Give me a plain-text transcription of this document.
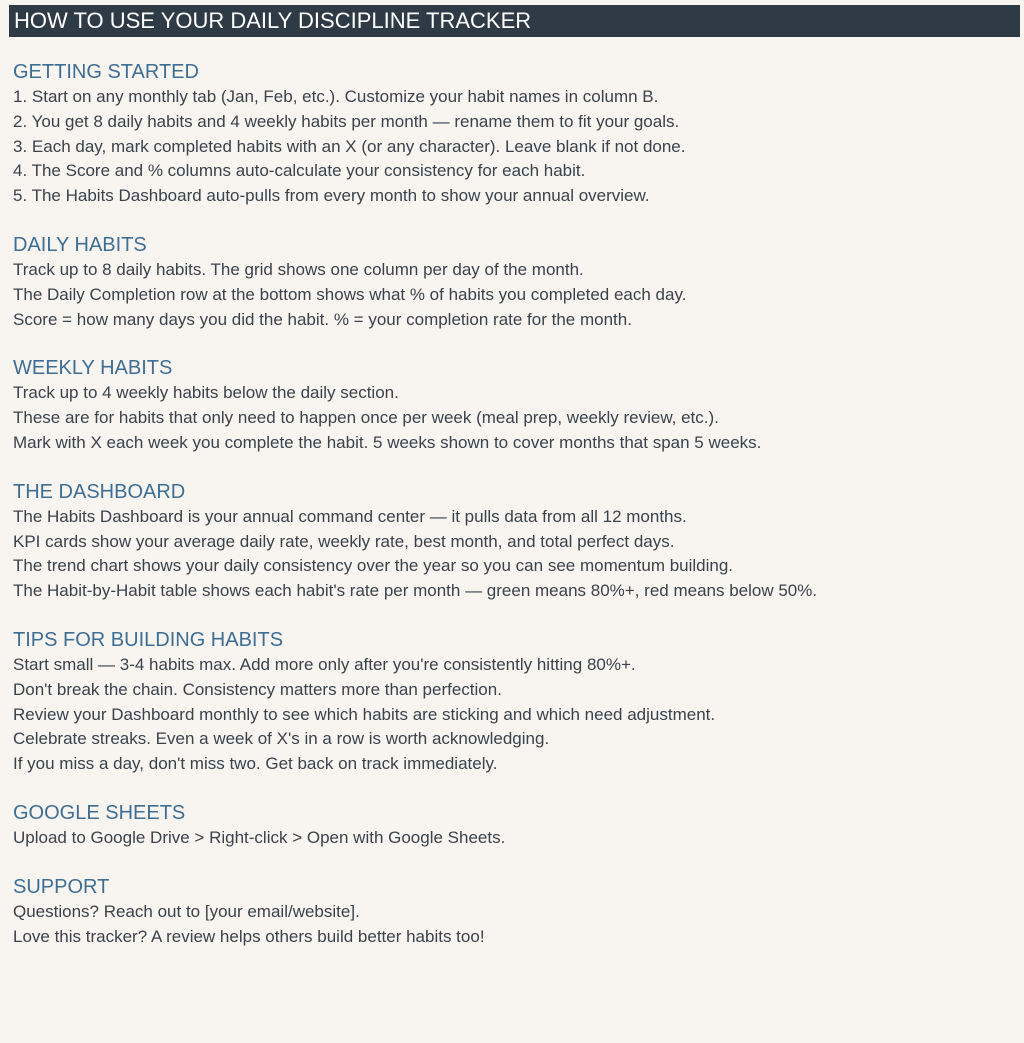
HOW TO USE YOUR DAILY DISCIPLINE TRACKER
GETTING STARTED
1. Start on any monthly tab (Jan, Feb, etc.). Customize your habit names in column B.
2. You get 8 daily habits and 4 weekly habits per month — rename them to fit your goals.
3. Each day, mark completed habits with an X (or any character). Leave blank if not done.
4. The Score and % columns auto-calculate your consistency for each habit.
5. The Habits Dashboard auto-pulls from every month to show your annual overview.
DAILY HABITS
Track up to 8 daily habits. The grid shows one column per day of the month.
The Daily Completion row at the bottom shows what % of habits you completed each day.
Score = how many days you did the habit. % = your completion rate for the month.
WEEKLY HABITS
Track up to 4 weekly habits below the daily section.
These are for habits that only need to happen once per week (meal prep, weekly review, etc.).
Mark with X each week you complete the habit. 5 weeks shown to cover months that span 5 weeks.
THE DASHBOARD
The Habits Dashboard is your annual command center — it pulls data from all 12 months.
KPI cards show your average daily rate, weekly rate, best month, and total perfect days.
The trend chart shows your daily consistency over the year so you can see momentum building.
The Habit-by-Habit table shows each habit's rate per month — green means 80%+, red means below 50%.
TIPS FOR BUILDING HABITS
Start small — 3-4 habits max. Add more only after you're consistently hitting 80%+.
Don't break the chain. Consistency matters more than perfection.
Review your Dashboard monthly to see which habits are sticking and which need adjustment.
Celebrate streaks. Even a week of X's in a row is worth acknowledging.
If you miss a day, don't miss two. Get back on track immediately.
GOOGLE SHEETS
Upload to Google Drive > Right-click > Open with Google Sheets.
SUPPORT
Questions? Reach out to [your email/website].
Love this tracker? A review helps others build better habits too!
